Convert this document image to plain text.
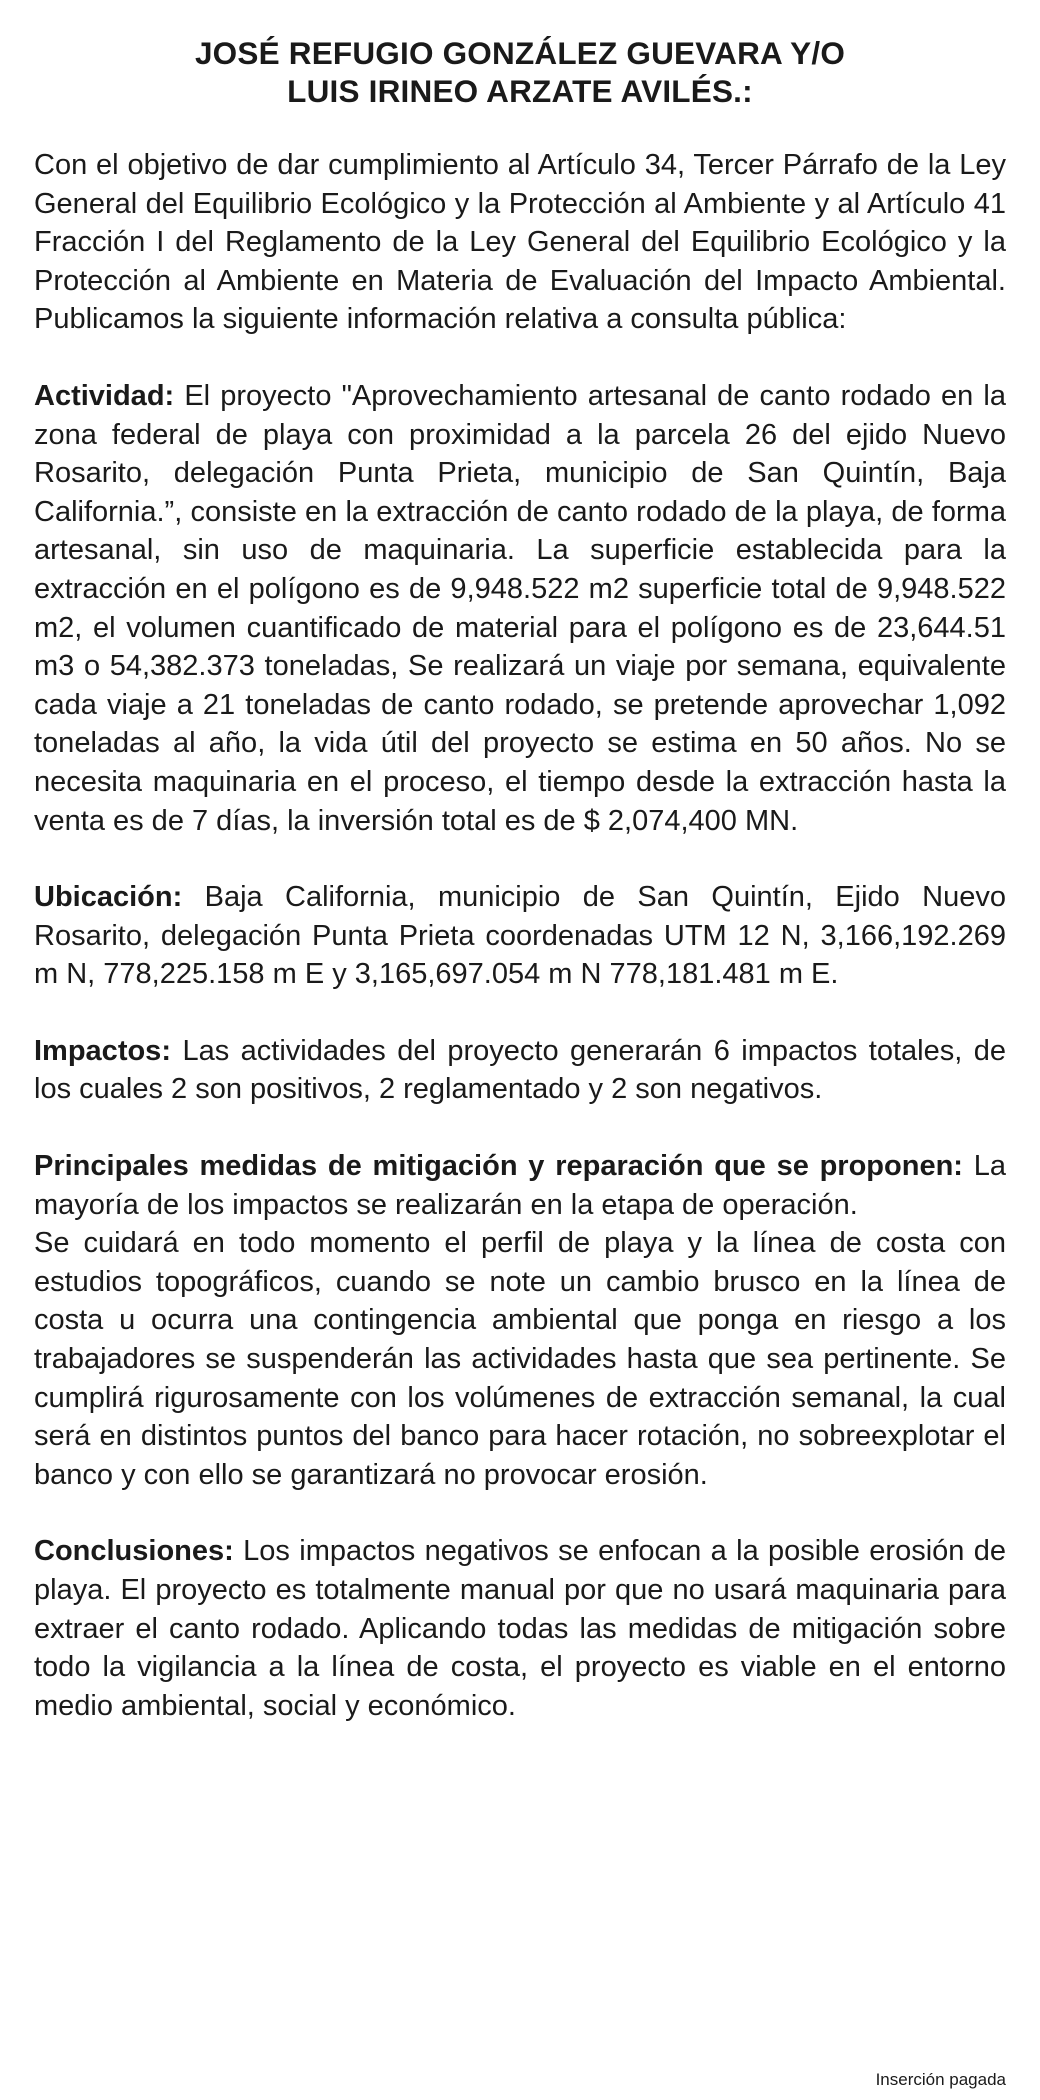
JOSÉ REFUGIO GONZÁLEZ GUEVARA Y/O
LUIS IRINEO ARZATE AVILÉS.:

Con el objetivo de dar cumplimiento al Artículo 34, Tercer Párrafo de la Ley General del Equilibrio Ecológico y la Protección al Ambiente y al Artículo 41 Fracción I del Reglamento de la Ley General del Equilibrio Ecológico y la Protección al Ambiente en Materia de Evaluación del Impacto Ambiental. Publicamos la siguiente información relativa a consulta pública:

Actividad: El proyecto "Aprovechamiento artesanal de canto rodado en la zona federal de playa con proximidad a la parcela 26 del ejido Nuevo Rosarito, delegación Punta Prieta, municipio de San Quintín, Baja California.”, consiste en la extracción de canto rodado de la playa, de forma artesanal, sin uso de maquinaria. La superficie establecida para la extracción en el polígono es de 9,948.522 m2 superficie total de 9,948.522 m2, el volumen cuantificado de material para el polígono es de 23,644.51 m3 o 54,382.373 toneladas, Se realizará un viaje por semana, equivalente cada viaje a 21 toneladas de canto rodado, se pretende aprovechar 1,092 toneladas al año, la vida útil del proyecto se estima en 50 años. No se necesita maquinaria en el proceso, el tiempo desde la extracción hasta la venta es de 7 días, la inversión total es de $ 2,074,400 MN.

Ubicación: Baja California, municipio de San Quintín, Ejido Nuevo Rosarito, delegación Punta Prieta coordenadas UTM 12 N, 3,166,192.269 m N, 778,225.158 m E y 3,165,697.054 m N 778,181.481 m E.

Impactos: Las actividades del proyecto generarán 6 impactos totales, de los cuales 2 son positivos, 2 reglamentado y 2 son negativos.

Principales medidas de mitigación y reparación que se proponen: La mayoría de los impactos se realizarán en la etapa de operación.

Se cuidará en todo momento el perfil de playa y la línea de costa con estudios topográficos, cuando se note un cambio brusco en la línea de costa u ocurra una contingencia ambiental que ponga en riesgo a los trabajadores se suspenderán las actividades hasta que sea pertinente. Se cumplirá rigurosamente con los volúmenes de extracción semanal, la cual será en distintos puntos del banco para hacer rotación, no sobreexplotar el banco y con ello se garantizará no provocar erosión.

Conclusiones: Los impactos negativos se enfocan a la posible erosión de playa. El proyecto es totalmente manual por que no usará maquinaria para extraer el canto rodado. Aplicando todas las medidas de mitigación sobre todo la vigilancia a la línea de costa, el proyecto es viable en el entorno medio ambiental, social y económico.

Inserción pagada
